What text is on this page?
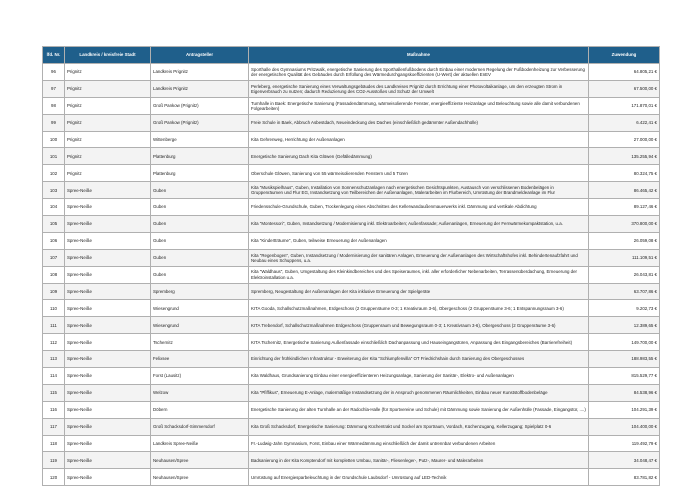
lfd. Nr.	Landkreis / kreisfreie Stadt	Antragsteller	Maßnahme	Zuwendung
96	Prignitz	Landkreis Prignitz	Sporthalle des Gymnasiums Pritzwalk, energetische Sanierung des Sporthallenfußbodens durch Einbau einer modernen Regelung der Fußbodenheizung zur Verbesserung der energetischen Qualität des Gebäudes durch Erfüllung des Wärmedurchgangskoeffizienten (U-Wert) der aktuellen EnEV	64.805,21 €
97	Prignitz	Landkreis Prignitz	Perleberg, energetische Sanierung eines Verwaltungsgebäudes des Landkreises Prignitz durch Errichtung einer Photovoltaikanlage, um den erzeugten Strom in Eigenverbrauch zu nutzen; dadurch Reduzierung des CO2-Ausstoßes und Schutz der Umwelt	67.500,00 €
98	Prignitz	Groß Pankow (Prignitz)	Turnhalle in Baek: Energetische Sanierung (Fassadendämmung, wärmeisolierende Fenster, energieeffiziente Heizanlage und Beleuchtung sowie alle damit verbundenen Folgearbeiten)	171.870,01 €
99	Prignitz	Groß Pankow (Prignitz)	Freie Schule in Baek, Abbruch Asbestdach, Neueindeckung des Daches (einschließlich gedämmter Außendachhülle)	6.422,41 €
100	Prignitz	Wittenberge	Kita Gehrenweg, Herrichtung der Außenanlagen	27.000,00 €
101	Prignitz	Plattenburg	Energetische Sanierung Dach Kita Glöwen (Gefälledämmung)	135.255,94 €
102	Prignitz	Plattenburg	Oberschule Glöwen, Sanierung von 55 wärmeisolierenden Fenstern und 5 Türen	80.324,75 €
103	Spree-Neiße	Guben	Kita "Musikspielhaus", Guben, Installation von Sonnenschutzanlagen nach energetischen Gesichtspunkten, Austausch von verschlissenen Bodenbelägen in Gruppenräumen und Flur EG, Instandsetzung von Teilbereichen der Außenanlagen, Malerarbeiten im Flurbereich, Umrüstung der Brandmeldeanlage im Flur	86.465,42 €
104	Spree-Neiße	Guben	Friedensschule-Grundschule, Guben, Trockenlegung eines Abschnittes des Kellerwandaußenmauerwerks inkl. Dämmung und vertikale Abdichtung	89.127,46 €
105	Spree-Neiße	Guben	Kita "Montessori", Guben, Instandsetzung / Modernisierung inkl. Elektroarbeiten; Außenfassade; Außenanlagen, Erneuerung der Fernwärmekompaktstation, u.a.	370.800,00 €
106	Spree-Neiße	Guben	Kita "Kindertträume", Guben, teilweise Erneuerung der Außenanlagen	26.059,08 €
107	Spree-Neiße	Guben	Kita "Regenbogen", Guben, Instandsetzung / Modernisierung der sanitären Anlagen, Erneuerung der Außenanlagen des Wirtschaftshofes inkl. Behindertenaufzfahrt und Neubau eines Schuppens, u.a.	111.109,51 €
108	Spree-Neiße	Guben	Kita "Waldhaus", Guben, Umgestaltung des Kleinkindbereiches und des Speiseraumes, inkl. aller erforderlicher Nebenarbeiten, Terrassenüberdachung, Erneuerung der Elektroinstallation u.a.	26.043,81 €
109	Spree-Neiße	Spremberg	Spremberg, Neugestaltung der Außenanlagen der Kita inklusive Erneuerung der Spielgeräte	63.707,86 €
110	Spree-Neiße	Wiesengrund	KITA Gooda, Schallschutzmaßnahmen, Erdgeschoss (2 Gruppenräume 0-3; 1 Kreativraum 3-6), Obergeschoss (2 Gruppenräume 3-6; 1 Entspannungsraum 3-6)	9.202,73 €
111	Spree-Neiße	Wiesengrund	KITA Trebendorf, Schallschutzmaßnahmen Erdgeschoss (Gruppenraum und Bewegungsraum 0-3; 1 Kreativraum 3-6), Obergeschoss (2 Gruppenräume 3-6)	12.389,65 €
112	Spree-Neiße	Tschernitz	KITA Tschernitz, Energetische Sanierung Außenfassade einschließlich Dachanpassung und Hauseingangstüren, Anpassung des Eingangsbereiches (Barrierefreiheit)	149.700,00 €
113	Spree-Neiße	Felixsee	Einrichtung der frühkindlichen Infrastruktur - Erweiterung der Kita "Schlumpfenvilla" OT Friedrichshain durch Sanierung des Obergeschosses	188.983,55 €
114	Spree-Neiße	Forst (Lausitz)	Kita Waldhaus, Grundsanierung Einbau einer energieeffizienteren Heizungsanlage, Sanierung der Sanitär-, Elektro- und Außenanlagen	815.529,77 €
115	Spree-Neiße	Welzow	Kita "Pfiffikus", Erneuerung E-Anlage, malermäßige Instandsetzung der in Anspruch genommenen Räumlichkeiten, Einbau neuer Kunststoffbodenbeläge	84.538,96 €
116	Spree-Neiße	Döbern	Energetische Sanierung der alten Turnhalle an der Radochla-Halle (für Sportvereine und Schule) mit Dämmung sowie Sanierung der Außenhülle (Fassade, Eingangstür, ....)	104.291,39 €
117	Spree-Neiße	Groß Schacksdorf-Simmersdorf	Kita Groß Schacksdorf, Energetische Sanierung: Dämmung Küchentrakt und Sockel am Sportraum, Vordach, Küchenzugang, Kellerzugang; Spielplatz 0-6	104.400,00 €
118	Spree-Neiße	Landkreis Spree-Neiße	Fr.-Ludwig-Jahn Gymnasium, Forst, Einbau einer Wärmedämmung einschließlich der damit untrennbar verbundenen Arbeiten	119.492,79 €
119	Spree-Neiße	Neuhausen/Spree	Badsanierung in der Kita Komptendorf mit kompletten Umbau, Sanitär-, Fliesenleger-, Putz-, Maurer- und Malerarbeiten	34.048,47 €
120	Spree-Neiße	Neuhausen/Spree	Umrüstung auf Energiesparbeleuchtung in der Grundschule Laubsdorf - Umrüstung auf LED-Technik	83.781,82 €
